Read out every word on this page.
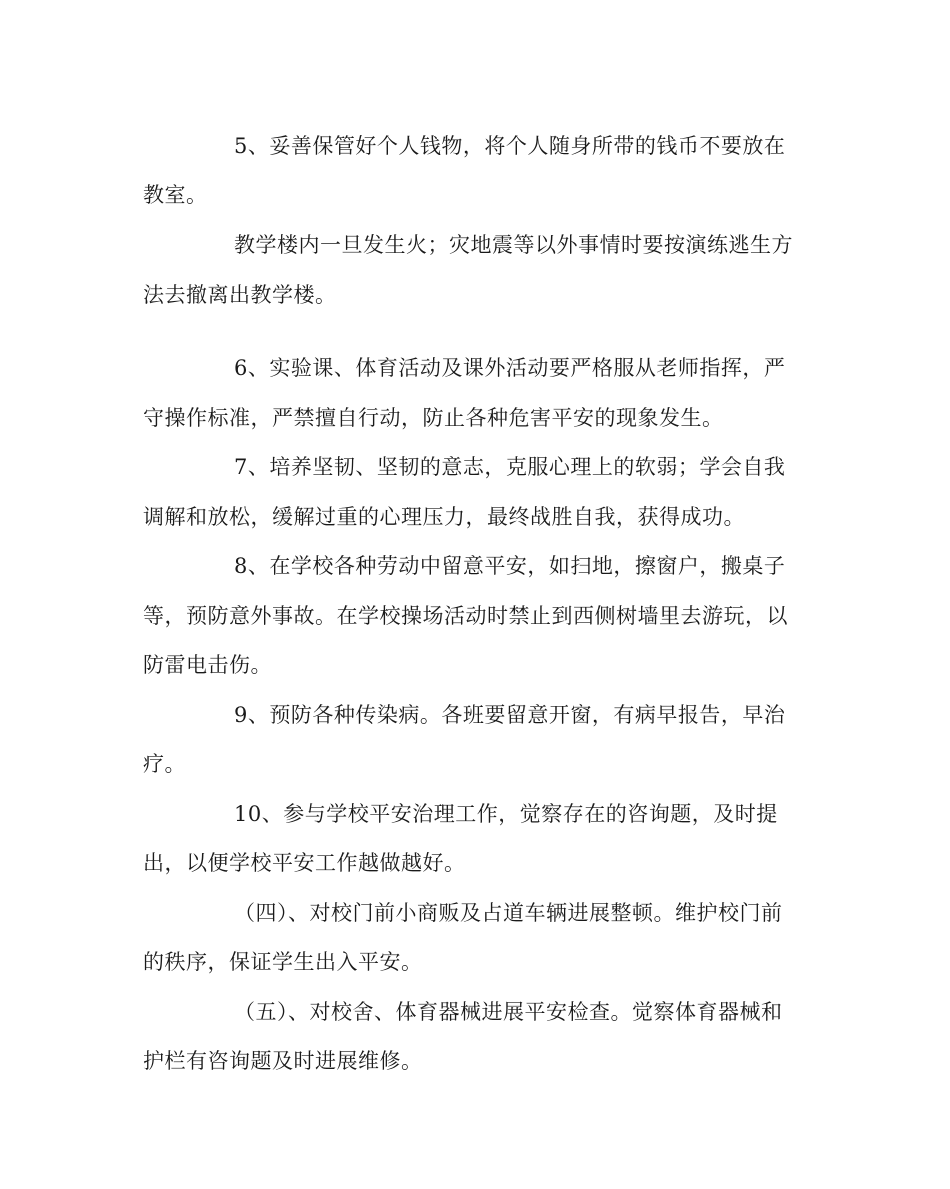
5、妥善保管好个人钱物，将个人随身所带的钱币不要放在
教室。
教学楼内一旦发生火；灾地震等以外事情时要按演练逃生方
法去撤离出教学楼。
6、实验课、体育活动及课外活动要严格服从老师指挥，严
守操作标准，严禁擅自行动，防止各种危害平安的现象发生。
7、培养坚韧、坚韧的意志，克服心理上的软弱；学会自我
调解和放松，缓解过重的心理压力，最终战胜自我，获得成功。
8、在学校各种劳动中留意平安，如扫地，擦窗户，搬桌子
等，预防意外事故。在学校操场活动时禁止到西侧树墙里去游玩，以
防雷电击伤。
9、预防各种传染病。各班要留意开窗，有病早报告，早治
疗。
10、参与学校平安治理工作，觉察存在的咨询题，及时提
出，以便学校平安工作越做越好。
（四）、对校门前小商贩及占道车辆进展整顿。维护校门前
的秩序，保证学生出入平安。
（五）、对校舍、体育器械进展平安检查。觉察体育器械和
护栏有咨询题及时进展维修。
